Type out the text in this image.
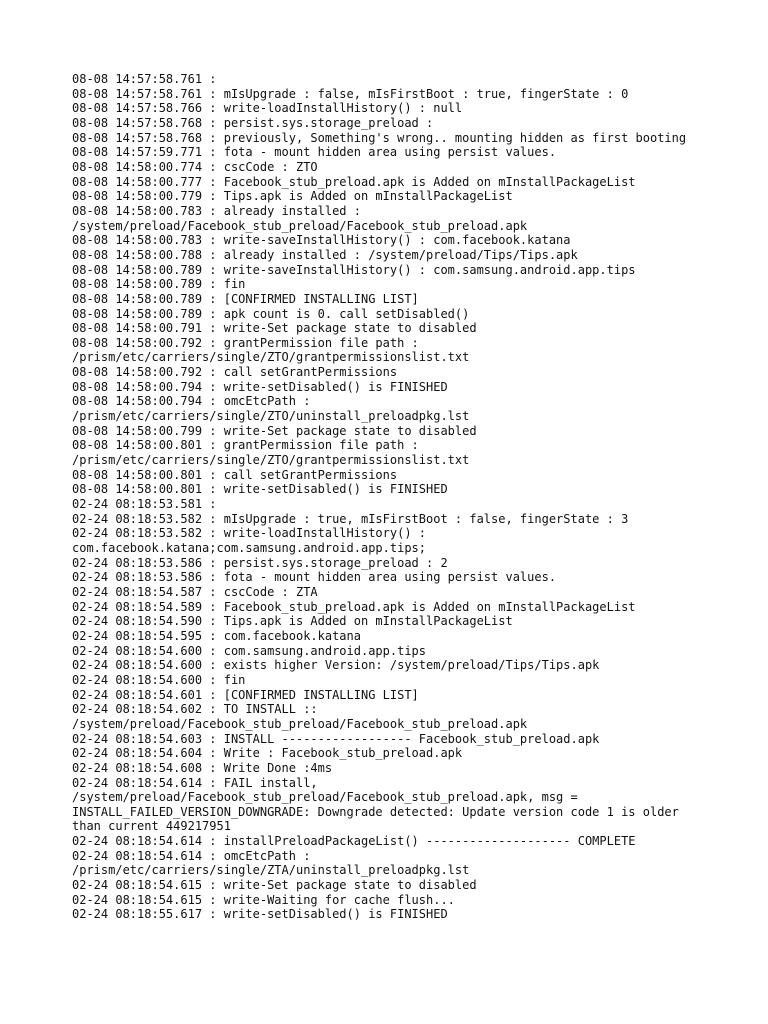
08-08 14:57:58.761 :
08-08 14:57:58.761 : mIsUpgrade : false, mIsFirstBoot : true, fingerState : 0
08-08 14:57:58.766 : write-loadInstallHistory() : null
08-08 14:57:58.768 : persist.sys.storage_preload :
08-08 14:57:58.768 : previously, Something's wrong.. mounting hidden as first booting
08-08 14:57:59.771 : fota - mount hidden area using persist values.
08-08 14:58:00.774 : cscCode : ZTO
08-08 14:58:00.777 : Facebook_stub_preload.apk is Added on mInstallPackageList
08-08 14:58:00.779 : Tips.apk is Added on mInstallPackageList
08-08 14:58:00.783 : already installed : /system/preload/Facebook_stub_preload/Facebook_stub_preload.apk
08-08 14:58:00.783 : write-saveInstallHistory() : com.facebook.katana
08-08 14:58:00.788 : already installed : /system/preload/Tips/Tips.apk
08-08 14:58:00.789 : write-saveInstallHistory() : com.samsung.android.app.tips
08-08 14:58:00.789 : fin
08-08 14:58:00.789 : [CONFIRMED INSTALLING LIST]
08-08 14:58:00.789 : apk count is 0. call setDisabled()
08-08 14:58:00.791 : write-Set package state to disabled
08-08 14:58:00.792 : grantPermission file path : /prism/etc/carriers/single/ZTO/grantpermissionslist.txt
08-08 14:58:00.792 : call setGrantPermissions
08-08 14:58:00.794 : write-setDisabled() is FINISHED
08-08 14:58:00.794 : omcEtcPath : /prism/etc/carriers/single/ZTO/uninstall_preloadpkg.lst
08-08 14:58:00.799 : write-Set package state to disabled
08-08 14:58:00.801 : grantPermission file path : /prism/etc/carriers/single/ZTO/grantpermissionslist.txt
08-08 14:58:00.801 : call setGrantPermissions
08-08 14:58:00.801 : write-setDisabled() is FINISHED
02-24 08:18:53.581 :
02-24 08:18:53.582 : mIsUpgrade : true, mIsFirstBoot : false, fingerState : 3
02-24 08:18:53.582 : write-loadInstallHistory() : com.facebook.katana;com.samsung.android.app.tips;
02-24 08:18:53.586 : persist.sys.storage_preload : 2
02-24 08:18:53.586 : fota - mount hidden area using persist values.
02-24 08:18:54.587 : cscCode : ZTA
02-24 08:18:54.589 : Facebook_stub_preload.apk is Added on mInstallPackageList
02-24 08:18:54.590 : Tips.apk is Added on mInstallPackageList
02-24 08:18:54.595 : com.facebook.katana
02-24 08:18:54.600 : com.samsung.android.app.tips
02-24 08:18:54.600 : exists higher Version: /system/preload/Tips/Tips.apk
02-24 08:18:54.600 : fin
02-24 08:18:54.601 : [CONFIRMED INSTALLING LIST]
02-24 08:18:54.602 : TO INSTALL :: /system/preload/Facebook_stub_preload/Facebook_stub_preload.apk
02-24 08:18:54.603 : INSTALL ------------------ Facebook_stub_preload.apk
02-24 08:18:54.604 : Write : Facebook_stub_preload.apk
02-24 08:18:54.608 : Write Done :4ms
02-24 08:18:54.614 : FAIL install, /system/preload/Facebook_stub_preload/Facebook_stub_preload.apk, msg = INSTALL_FAILED_VERSION_DOWNGRADE: Downgrade detected: Update version code 1 is older than current 449217951
02-24 08:18:54.614 : installPreloadPackageList() -------------------- COMPLETE
02-24 08:18:54.614 : omcEtcPath : /prism/etc/carriers/single/ZTA/uninstall_preloadpkg.lst
02-24 08:18:54.615 : write-Set package state to disabled
02-24 08:18:54.615 : write-Waiting for cache flush...
02-24 08:18:55.617 : write-setDisabled() is FINISHED
